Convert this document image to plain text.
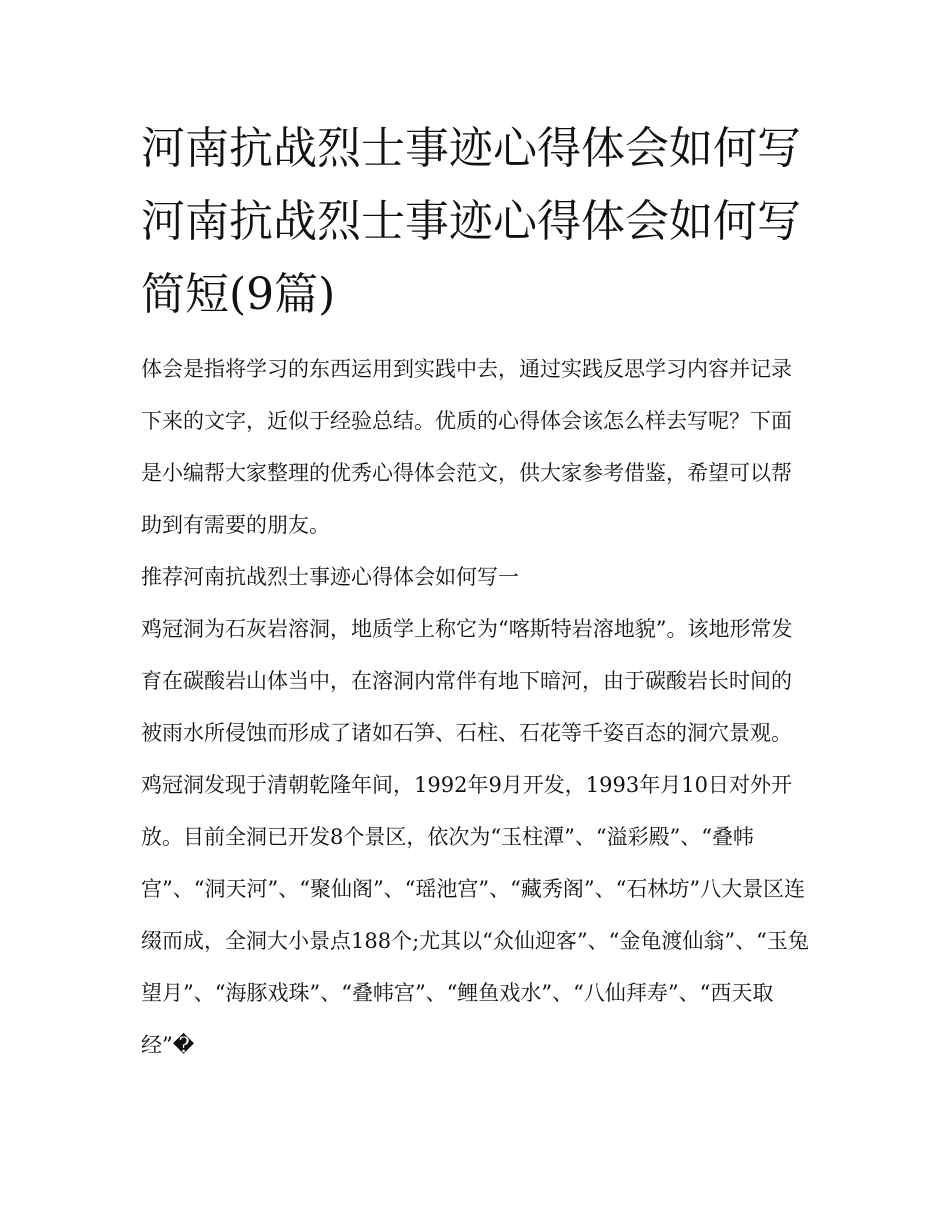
河南抗战烈士事迹心得体会如何写 河南抗战烈士事迹心得体会如何写简短(9篇)

体会是指将学习的东西运用到实践中去，通过实践反思学习内容并记录下来的文字，近似于经验总结。优质的心得体会该怎么样去写呢？下面是小编帮大家整理的优秀心得体会范文，供大家参考借鉴，希望可以帮助到有需要的朋友。

推荐河南抗战烈士事迹心得体会如何写一

鸡冠洞为石灰岩溶洞，地质学上称它为“喀斯特岩溶地貌”。该地形常发育在碳酸岩山体当中，在溶洞内常伴有地下暗河，由于碳酸岩长时间的被雨水所侵蚀而形成了诸如石笋、石柱、石花等千姿百态的洞穴景观。

鸡冠洞发现于清朝乾隆年间，1992年9月开发，1993年月10日对外开放。目前全洞已开发8个景区，依次为“玉柱潭”、“溢彩殿”、“叠帏宫”、“洞天河”、“聚仙阁”、“瑶池宫”、“藏秀阁”、“石林坊”八大景区连缀而成，全洞大小景点188个;尤其以“众仙迎客”、“金龟渡仙翁”、“玉兔望月”、“海豚戏珠”、“叠帏宫”、“鲤鱼戏水”、“八仙拜寿”、“西天取经”�
